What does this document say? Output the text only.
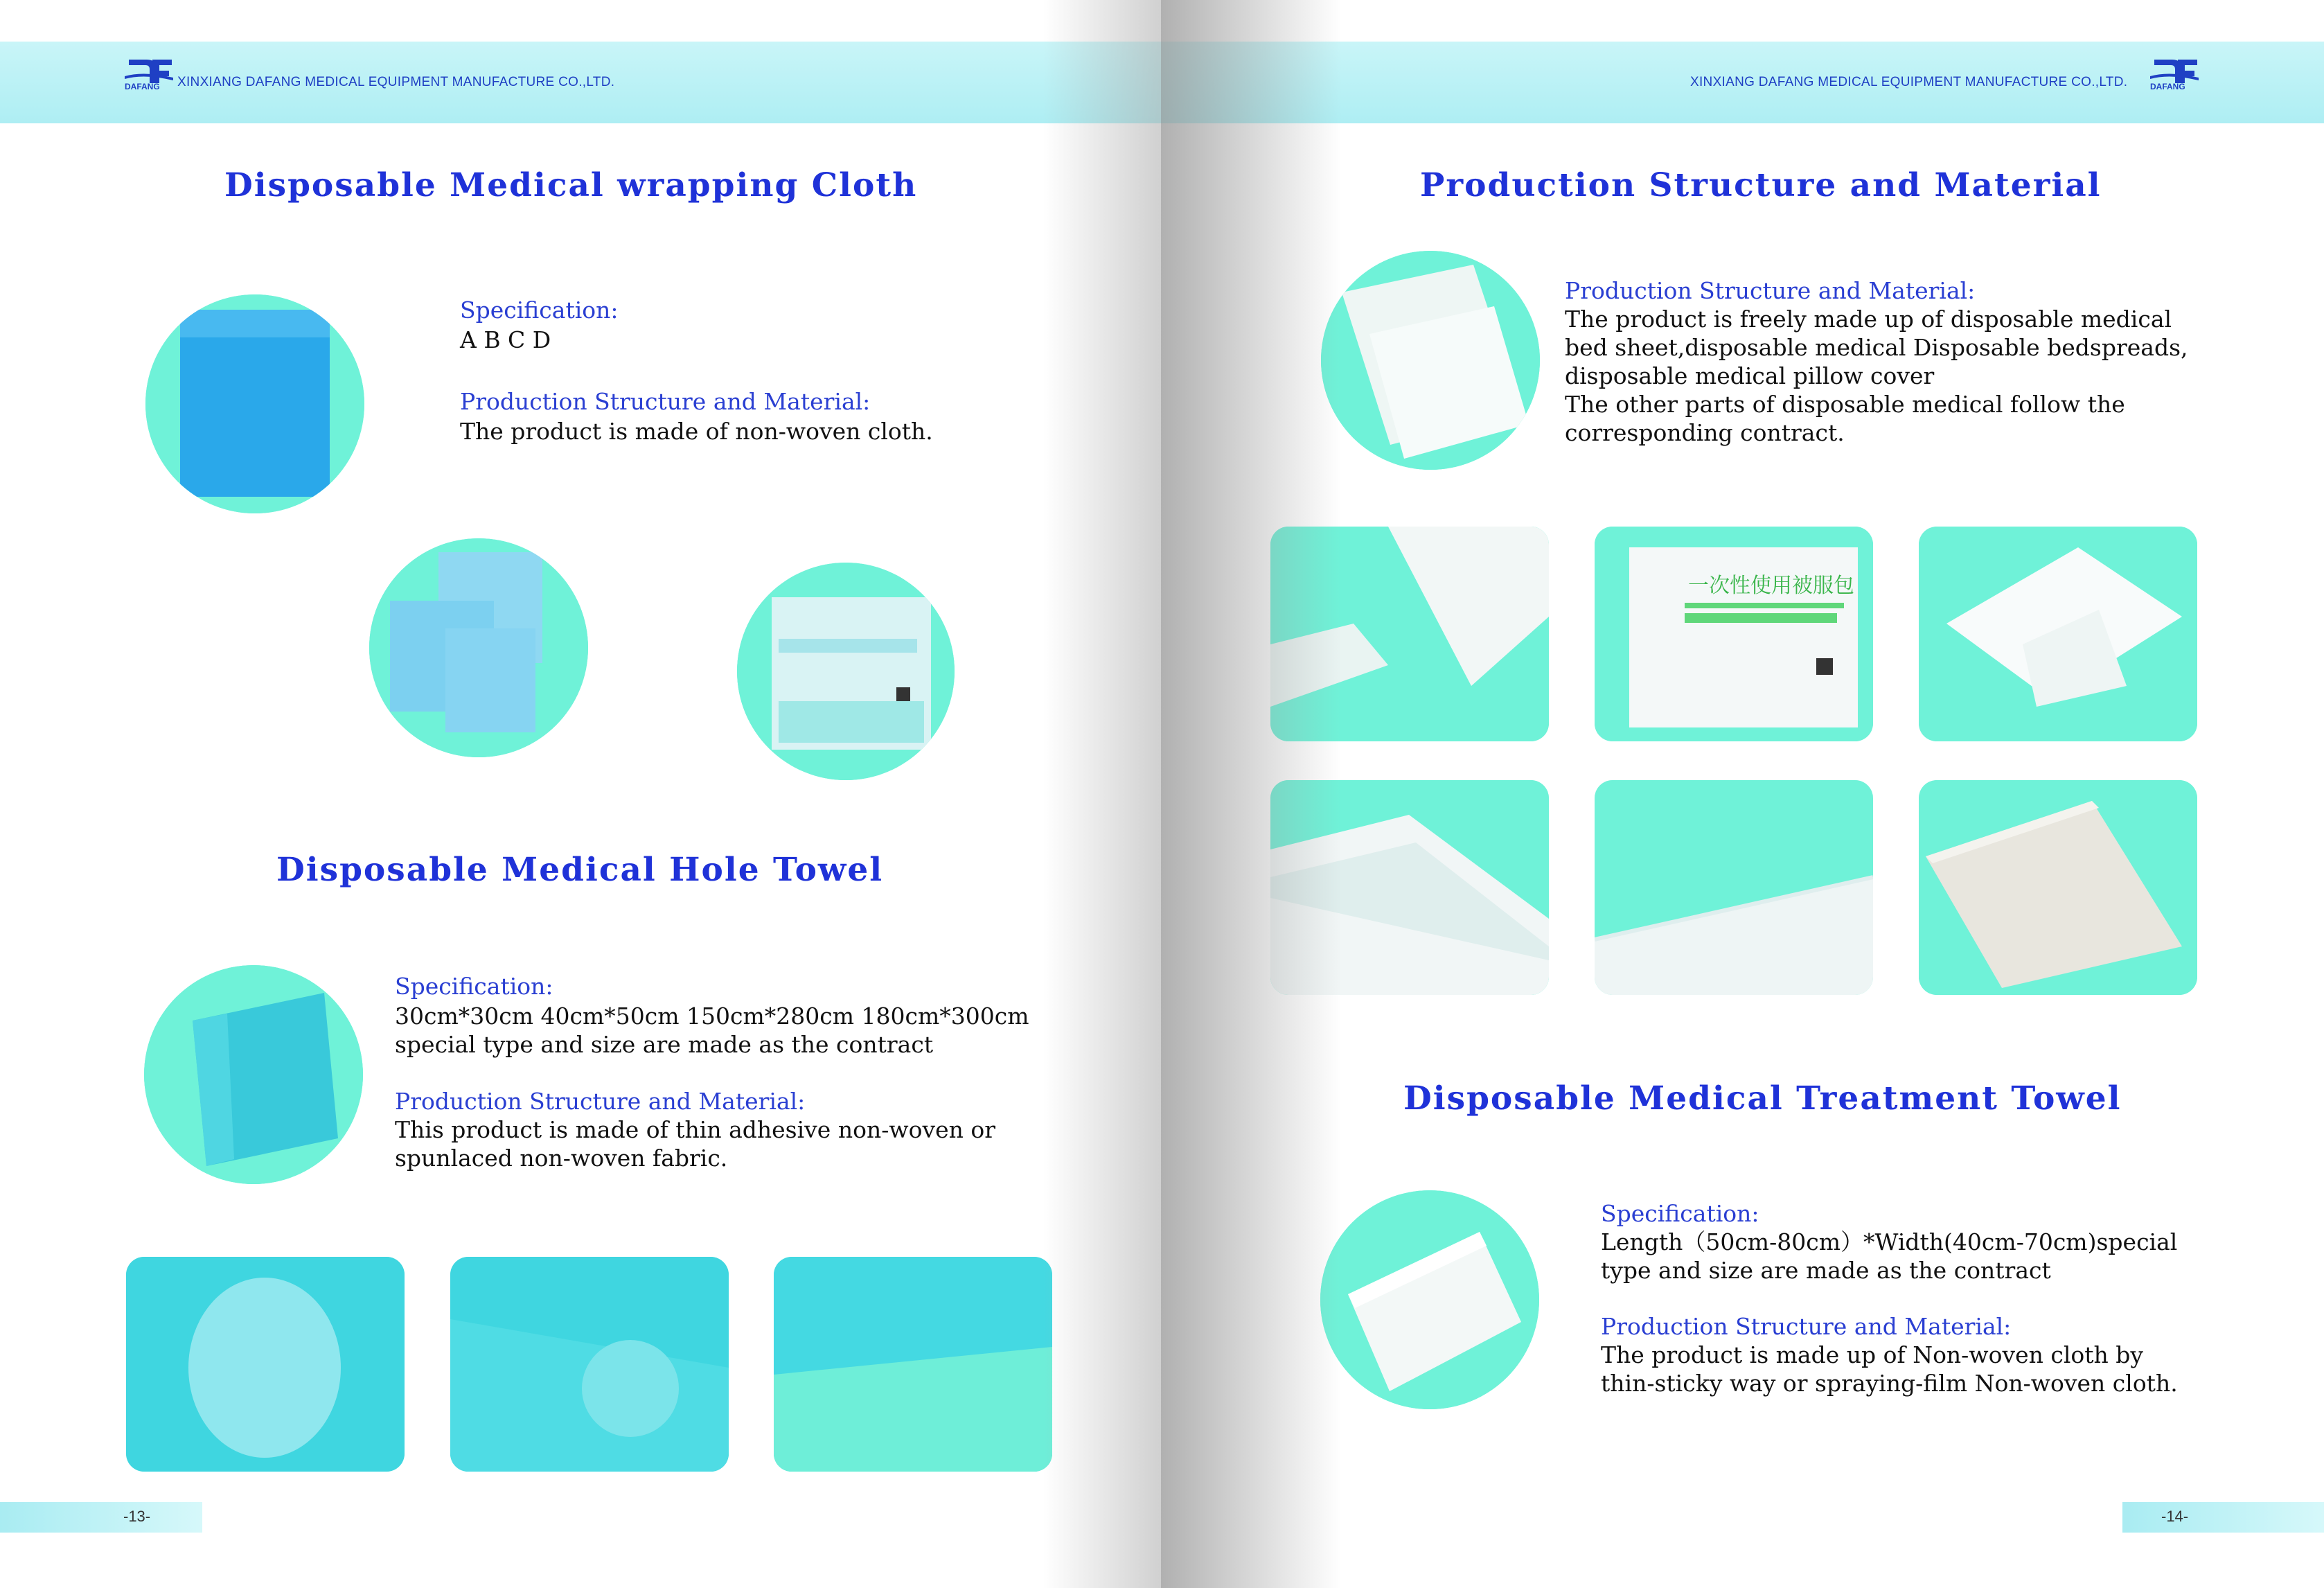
DAFANG XINXIANG DAFANG MEDICAL EQUIPMENT MANUFACTURE CO.,LTD.
Disposable Medical wrapping Cloth
Specification:
A B C D
Production Structure and Material:
The product is made of non-woven cloth.
Disposable Medical Hole Towel
Specification:
30cm*30cm 40cm*50cm 150cm*280cm 180cm*300cm
special type and size are made as the contract
Production Structure and Material:
This product is made of thin adhesive non-woven or
spunlaced non-woven fabric.
-13-
XINXIANG DAFANG MEDICAL EQUIPMENT MANUFACTURE CO.,LTD.	DAFANG
Production Structure and Material
Production Structure and Material:
The product is freely made up of disposable medical
bed sheet,disposable medical Disposable bedspreads,
disposable medical pillow cover
The other parts of disposable medical follow the
corresponding contract.
一次性使用被服包
Disposable Medical Treatment Towel
Specification:
Length（50cm-80cm）*Width(40cm-70cm)special
type and size are made as the contract
Production Structure and Material:
The product is made up of Non-woven cloth by
thin-sticky way or spraying-film Non-woven cloth.
-14-
